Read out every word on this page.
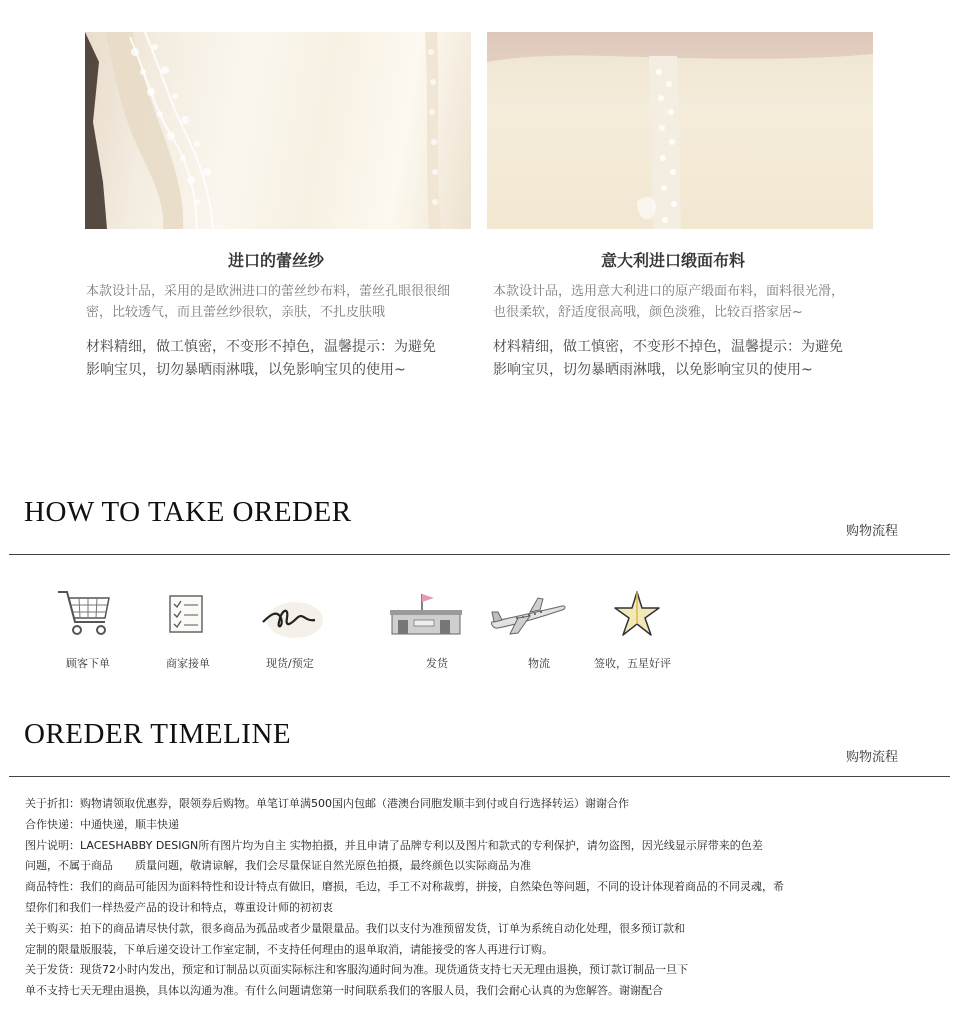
进口的蕾丝纱

本款设计品，采用的是欧洲进口的蕾丝纱布料，蕾丝孔眼很很细
密，比较透气，而且蕾丝纱很软，亲肤，不扎皮肤哦

材料精细，做工慎密，不变形不掉色，温馨提示：为避免
影响宝贝，切勿暴晒雨淋哦，以免影响宝贝的使用~

意大利进口缎面布料

本款设计品，选用意大利进口的原产缎面布料，面料很光滑，
也很柔软，舒适度很高哦，颜色淡雅，比较百搭家居~

材料精细，做工慎密，不变形不掉色，温馨提示：为避免
影响宝贝，切勿暴晒雨淋哦，以免影响宝贝的使用~

HOW TO TAKE OREDER
购物流程
顾客下单	商家接单	现货/预定	发货	物流	签收，五星好评
OREDER TIMELINE
购物流程

关于折扣：购物请领取优惠券，限领券后购物。单笔订单满500国内包邮（港澳台同胞发顺丰到付或自行选择转运）谢谢合作

合作快递：中通快递，顺丰快递

图片说明：LACESHABBY DESIGN所有图片均为自主 实物拍摄，并且申请了品牌专利以及图片和款式的专利保护，请勿盗图，因光线显示屏带来的色差

问题，不属于商品　　质量问题，敬请谅解，我们会尽量保证自然光原色拍摄，最终颜色以实际商品为准

商品特性：我们的商品可能因为面料特性和设计特点有做旧，磨损，毛边，手工不对称裁剪，拼接，自然染色等问题，不同的设计体现着商品的不同灵魂，希

望你们和我们一样热爱产品的设计和特点，尊重设计师的初初衷

关于购买：拍下的商品请尽快付款，很多商品为孤品或者少量限量品。我们以支付为准预留发货，订单为系统自动化处理，很多预订款和

定制的限量版服装，下单后递交设计工作室定制，不支持任何理由的退单取消，请能接受的客人再进行订购。

关于发货：现货72小时内发出，预定和订制品以页面实际标注和客服沟通时间为准。现货通货支持七天无理由退换，预订款订制品一旦下

单不支持七天无理由退换，具体以沟通为准。有什么问题请您第一时间联系我们的客服人员，我们会耐心认真的为您解答。谢谢配合
